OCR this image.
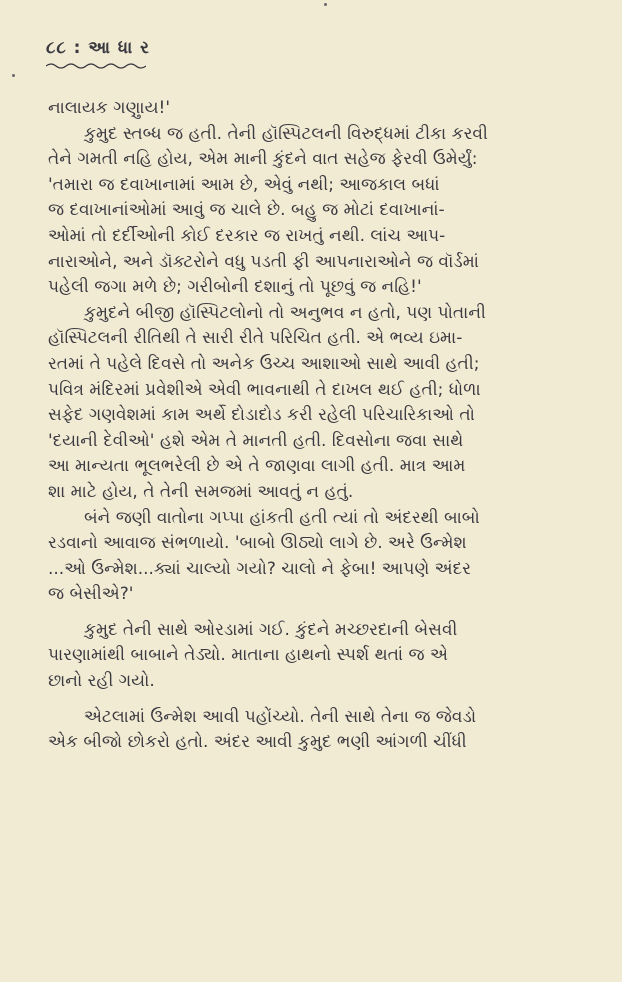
૮૮ : આ ધા ર
નાલાયક ગણુાય!'
કુમુદ સ્તબ્ધ જ હતી. તેની હૉસ્પિટલની વિરુદ્ધમાં ટીકા કરવી
તેને ગમતી નહિ હોય, એમ માની કુંદને વાત સહેજ ફેરવી ઉમેર્યું:
'તમારા જ દવાખાનામાં આમ છે, એવું નથી; આજકાલ બધાં
જ દવાખાનાંઓમાં આવું જ ચાલે છે. બહુ જ મોટાં દવાખાનાં-
ઓમાં તો દર્દીઓની કોઈ દરકાર જ રાખતું નથી. લાંચ આપ-
નારાઓને, અને ડૉક્ટરોને વધુ પડતી ફી આપનારાઓને જ વૉર્ડમાં
પહેલી જગા મળે છે; ગરીબોની દશાનું તો પૂછવું જ નહિ!'
કુમુદને બીજી હૉસ્પિટલોનો તો અનુભવ ન હતો, પણ પોતાની
હૉસ્પિટલની રીતિથી તે સારી રીતે પરિચિત હતી. એ ભવ્ય ઇમા-
રતમાં તે પહેલે દિવસે તો અનેક ઉચ્ચ આશાઓ સાથે આવી હતી;
પવિત્ર મંદિરમાં પ્રવેશીએ એવી ભાવનાથી તે દાખલ થઈ હતી; ધોળા
સફેદ ગણવેશમાં કામ અર્થે દોડાદોડ કરી રહેલી પરિચારિકાઓ તો
'દયાની દેવીઓ' હશે એમ તે માનતી હતી. દિવસોના જવા સાથે
આ માન્યતા ભૂલભરેલી છે એ તે જાણવા લાગી હતી. માત્ર આમ
શા માટે હોય, તે તેની સમજમાં આવતું ન હતું.
બંને જણી વાતોના ગપ્પા હાંકતી હતી ત્યાં તો અંદરથી બાબો
રડવાનો આવાજ સંભળાયો. 'બાબો ઊઠ્યો લાગે છે. અરે ઉન્મેશ
...ઓ ઉન્મેશ...ક્યાં ચાલ્યો ગયો? ચાલો ને ફેબા! આપણે અંદર
જ બેસીએ?'
કુમુદ તેની સાથે ઓરડામાં ગઈ. કુંદને મચ્છરદાની બેસવી
પારણામાંથી બાબાને તેડ્યો. માતાના હાથનો સ્પર્શ થતાં જ એ
છાનો રહી ગયો.
એટલામાં ઉન્મેશ આવી પહોંચ્યો. તેની સાથે તેના જ જેવડો
એક બીજો છોકરો હતો. અંદર આવી કુમુદ ભણી આંગળી ચીંધી
